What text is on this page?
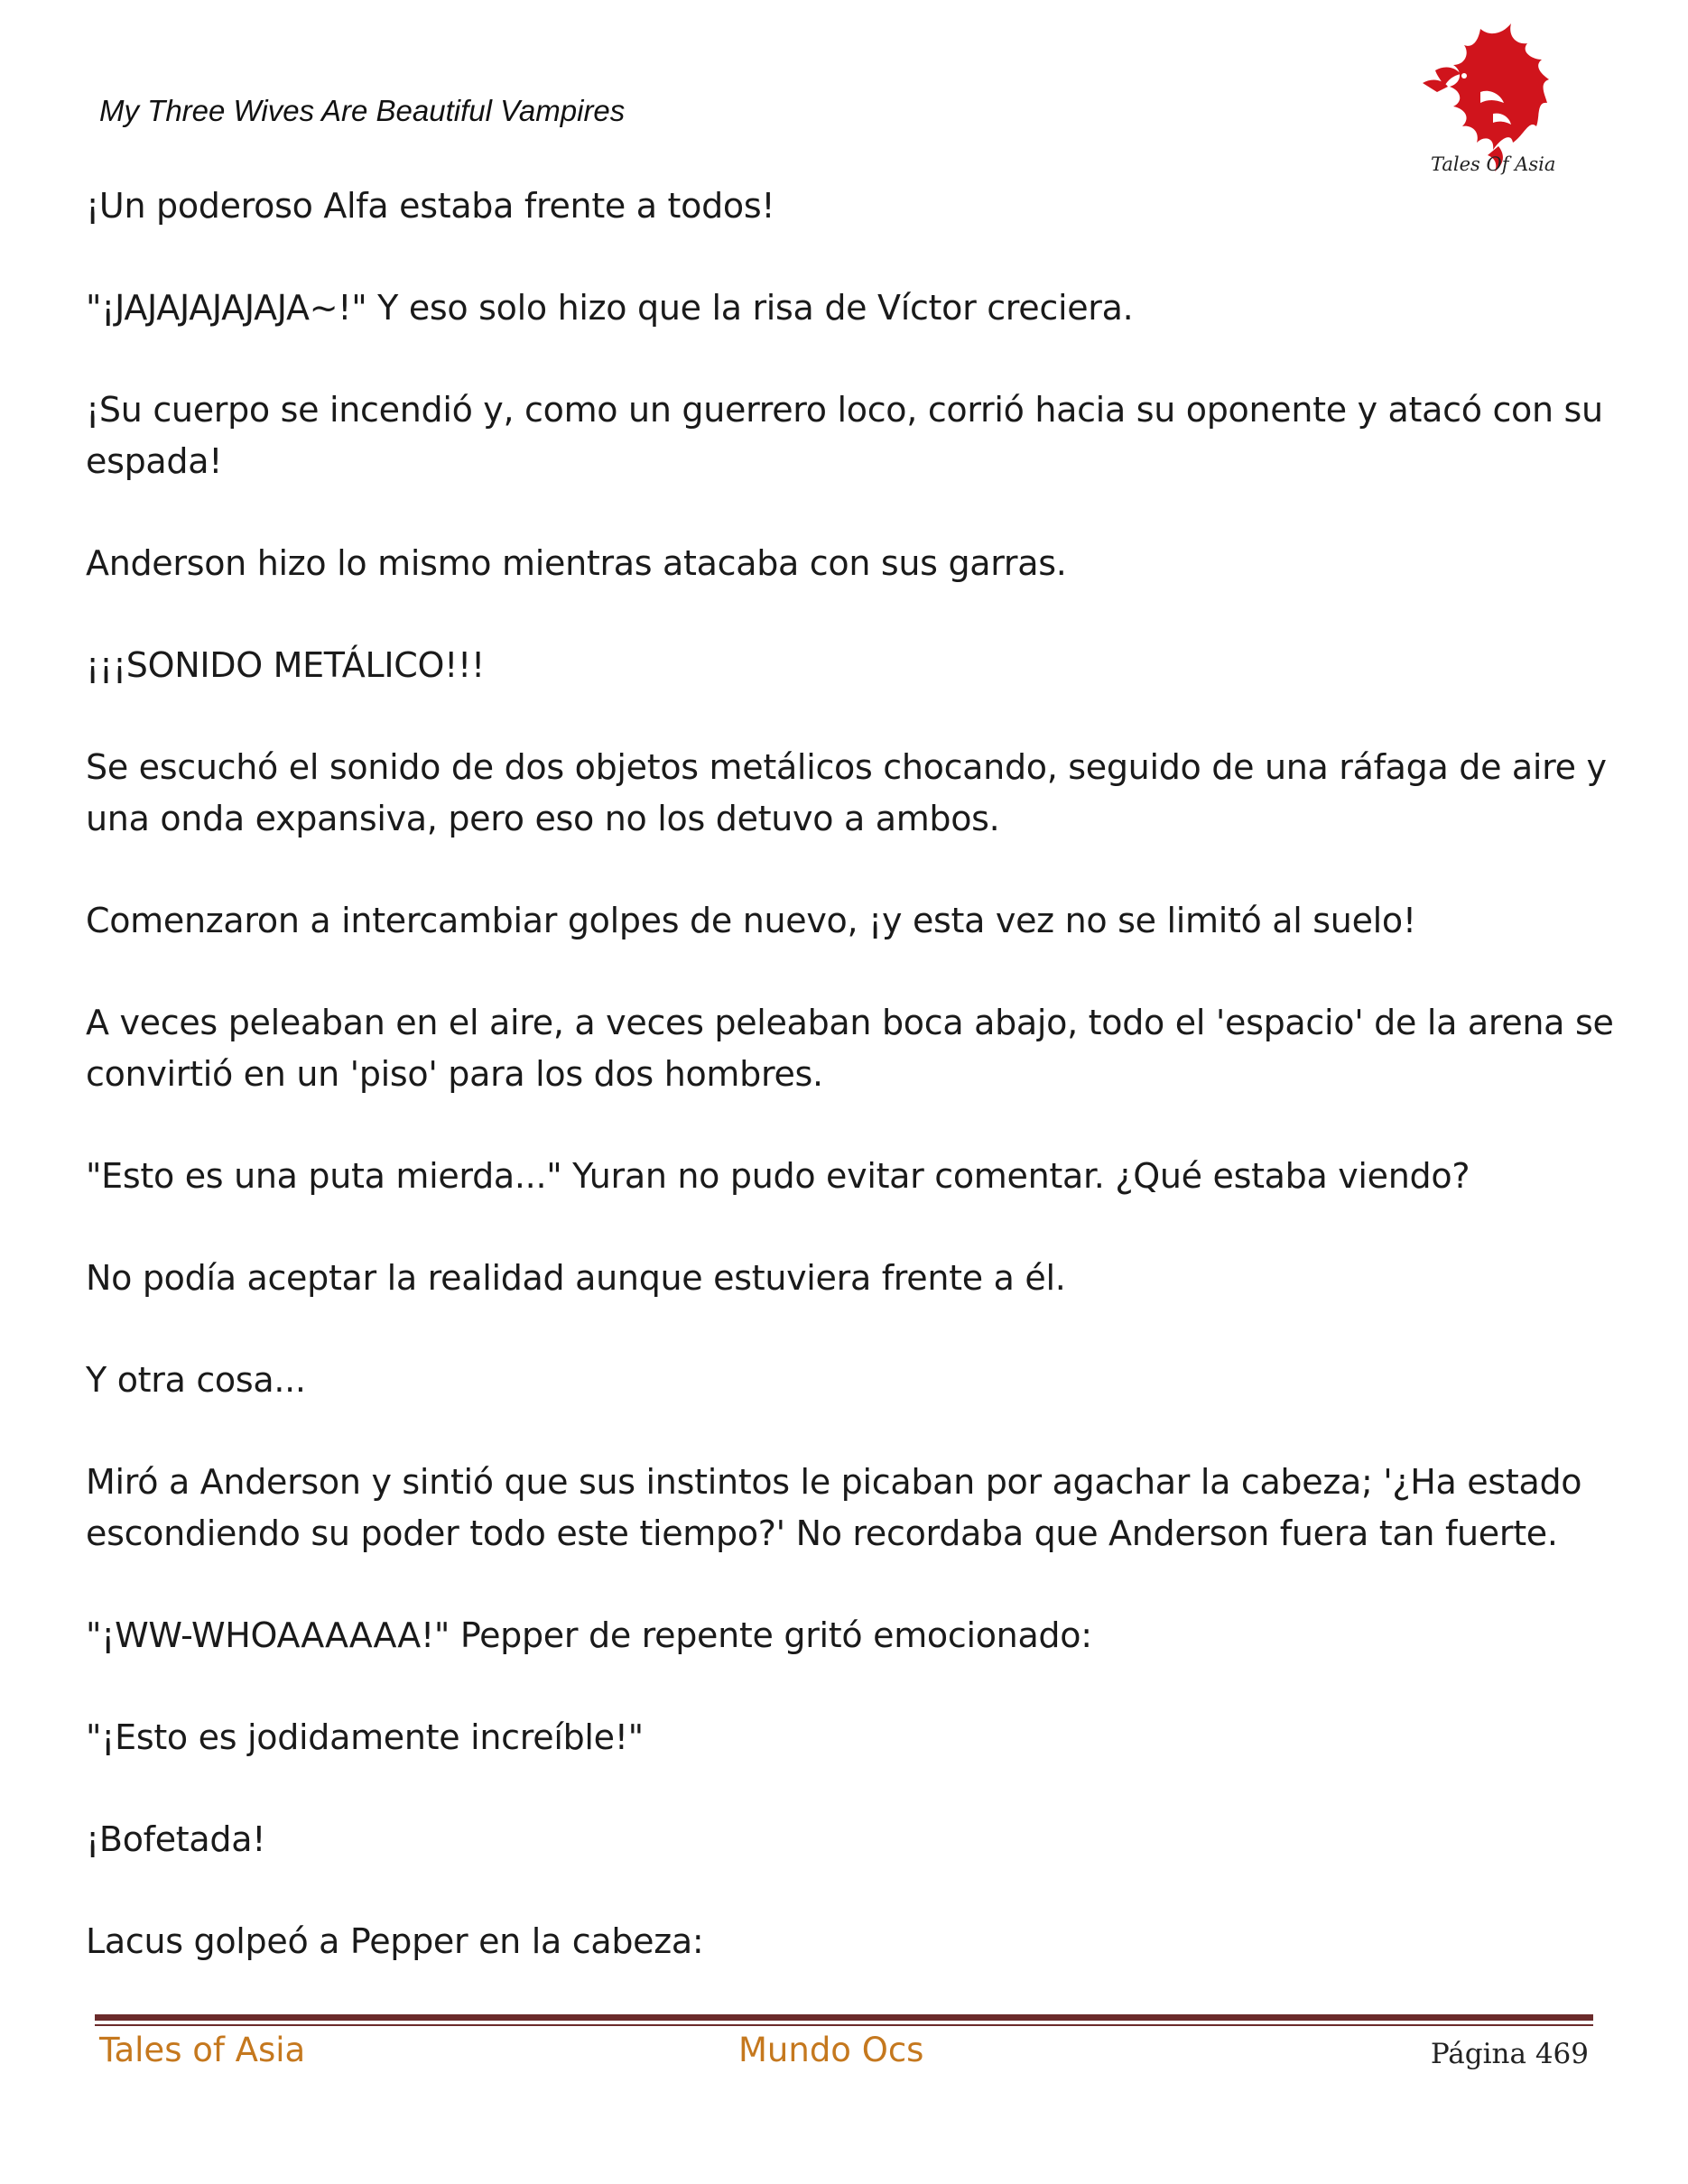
My Three Wives Are Beautiful Vampires
Tales Of Asia

¡Un poderoso Alfa estaba frente a todos!

"¡JAJAJAJAJAJA~!" Y eso solo hizo que la risa de Víctor creciera.

¡Su cuerpo se incendió y, como un guerrero loco, corrió hacia su oponente y atacó con su espada!

Anderson hizo lo mismo mientras atacaba con sus garras.

¡¡¡SONIDO METÁLICO!!!

Se escuchó el sonido de dos objetos metálicos chocando, seguido de una ráfaga de aire y una onda expansiva, pero eso no los detuvo a ambos.

Comenzaron a intercambiar golpes de nuevo, ¡y esta vez no se limitó al suelo!

A veces peleaban en el aire, a veces peleaban boca abajo, todo el 'espacio' de la arena se convirtió en un 'piso' para los dos hombres.

"Esto es una puta mierda..." Yuran no pudo evitar comentar. ¿Qué estaba viendo?

No podía aceptar la realidad aunque estuviera frente a él.

Y otra cosa...

Miró a Anderson y sintió que sus instintos le picaban por agachar la cabeza; '¿Ha estado escondiendo su poder todo este tiempo?' No recordaba que Anderson fuera tan fuerte.

"¡WW-WHOAAAAAA!" Pepper de repente gritó emocionado:

"¡Esto es jodidamente increíble!"

¡Bofetada!

Lacus golpeó a Pepper en la cabeza:

Tales of Asia	Mundo Ocs	Página 469
